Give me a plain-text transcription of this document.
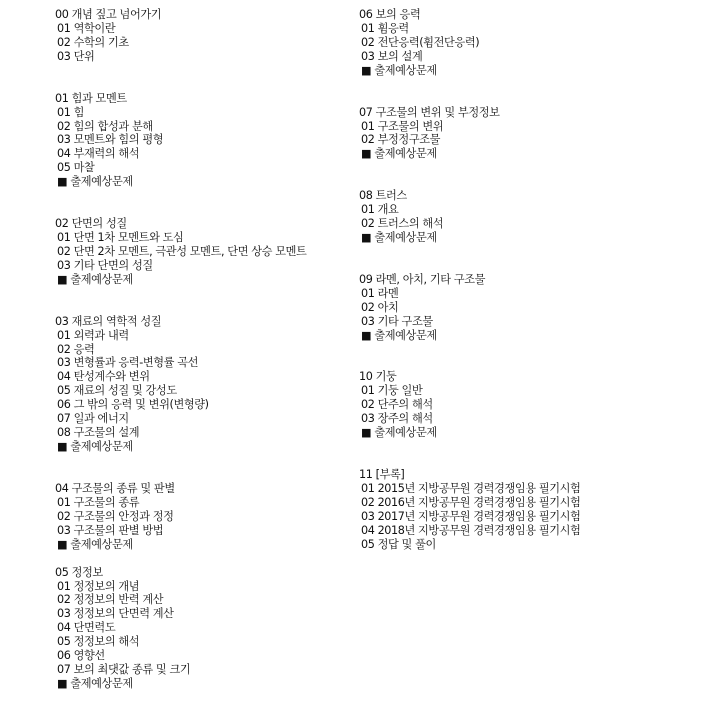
00 개념 짚고 넘어가기
01 역학이란
02 수학의 기초
03 단위
01 힘과 모멘트
01 힘
02 힘의 합성과 분해
03 모멘트와 힘의 평형
04 부재력의 해석
05 마찰
■ 출제예상문제
02 단면의 성질
01 단면 1차 모멘트와 도심
02 단면 2차 모멘트, 극관성 모멘트, 단면 상승 모멘트
03 기타 단면의 성질
■ 출제예상문제
03 재료의 역학적 성질
01 외력과 내력
02 응력
03 변형률과 응력-변형률 곡선
04 탄성계수와 변위
05 재료의 성질 및 강성도
06 그 밖의 응력 및 변위(변형량)
07 일과 에너지
08 구조물의 설계
■ 출제예상문제
04 구조물의 종류 및 판별
01 구조물의 종류
02 구조물의 안정과 정정
03 구조물의 판별 방법
■ 출제예상문제
05 정정보
01 정정보의 개념
02 정정보의 반력 계산
03 정정보의 단면력 계산
04 단면력도
05 정정보의 해석
06 영향선
07 보의 최댓값 종류 및 크기
■ 출제예상문제
06 보의 응력
01 휨응력
02 전단응력(휨전단응력)
03 보의 설계
■ 출제예상문제
07 구조물의 변위 및 부정정보
01 구조물의 변위
02 부정정구조물
■ 출제예상문제
08 트러스
01 개요
02 트러스의 해석
■ 출제예상문제
09 라멘, 아치, 기타 구조물
01 라멘
02 아치
03 기타 구조물
■ 출제예상문제
10 기둥
01 기둥 일반
02 단주의 해석
03 장주의 해석
■ 출제예상문제
11 [부록]
01 2015년 지방공무원 경력경쟁임용 필기시험
02 2016년 지방공무원 경력경쟁임용 필기시험
03 2017년 지방공무원 경력경쟁임용 필기시험
04 2018년 지방공무원 경력경쟁임용 필기시험
05 정답 및 풀이
